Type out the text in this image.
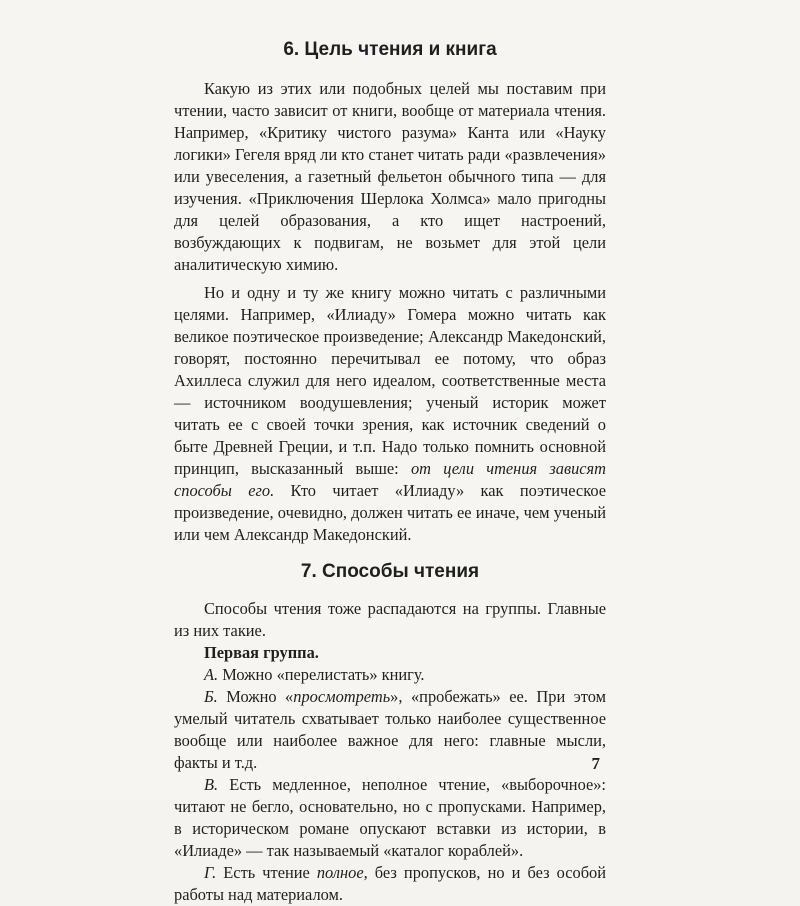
6. Цель чтения и книга

Какую из этих или подобных целей мы поставим при чтении, часто зависит от книги, вообще от материала чтения. Например, «Критику чистого разума» Канта или «Науку логики» Гегеля вряд ли кто станет читать ради «развлечения» или увеселения, а газетный фельетон обычного типа — для изучения. «Приключения Шерлока Холмса» мало пригодны для целей образования, а кто ищет настроений, возбуждающих к подвигам, не возьмет для этой цели аналитическую химию.

Но и одну и ту же книгу можно читать с различными целями. Например, «Илиаду» Гомера можно читать как великое поэтическое произведение; Александр Македонский, говорят, постоянно перечитывал ее потому, что образ Ахиллеса служил для него идеалом, соответственные места — источником воодушевления; ученый историк может читать ее с своей точки зрения, как источник сведений о быте Древней Греции, и т.п. Надо только помнить основной принцип, высказанный выше: от цели чтения зависят способы его. Кто читает «Илиаду» как поэтическое произведение, очевидно, должен читать ее иначе, чем ученый или чем Александр Македонский.

7. Способы чтения

Способы чтения тоже распадаются на группы. Главные из них такие.

Первая группа.

А. Можно «перелистать» книгу.

Б. Можно «просмотреть», «пробежать» ее. При этом умелый читатель схватывает только наиболее существенное вообще или наиболее важное для него: главные мысли, факты и т.д.

В. Есть медленное, неполное чтение, «выборочное»: читают не бегло, основательно, но с пропусками. Например, в историческом романе опускают вставки из истории, в «Илиаде» — так называемый «каталог кораблей».

Г. Есть чтение полное, без пропусков, но и без особой работы над материалом.

7
